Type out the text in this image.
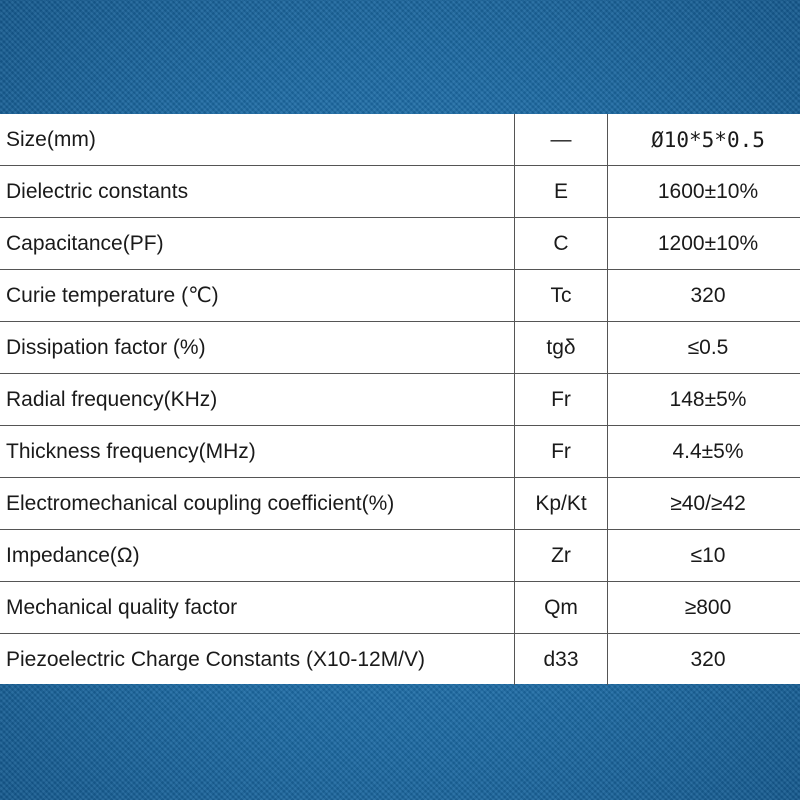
Size(mm)	—	Ø10*5*0.5
Dielectric constants	E	1600±10%
Capacitance(PF)	C	1200±10%
Curie temperature (℃)	Tc	320
Dissipation factor (%)	tgδ	≤0.5
Radial frequency(KHz)	Fr	148±5%
Thickness frequency(MHz)	Fr	4.4±5%
Electromechanical coupling coefficient(%)	Kp/Kt	≥40/≥42
Impedance(Ω)	Zr	≤10
Mechanical quality factor	Qm	≥800
Piezoelectric Charge Constants (X10-12M/V)	d33	320
